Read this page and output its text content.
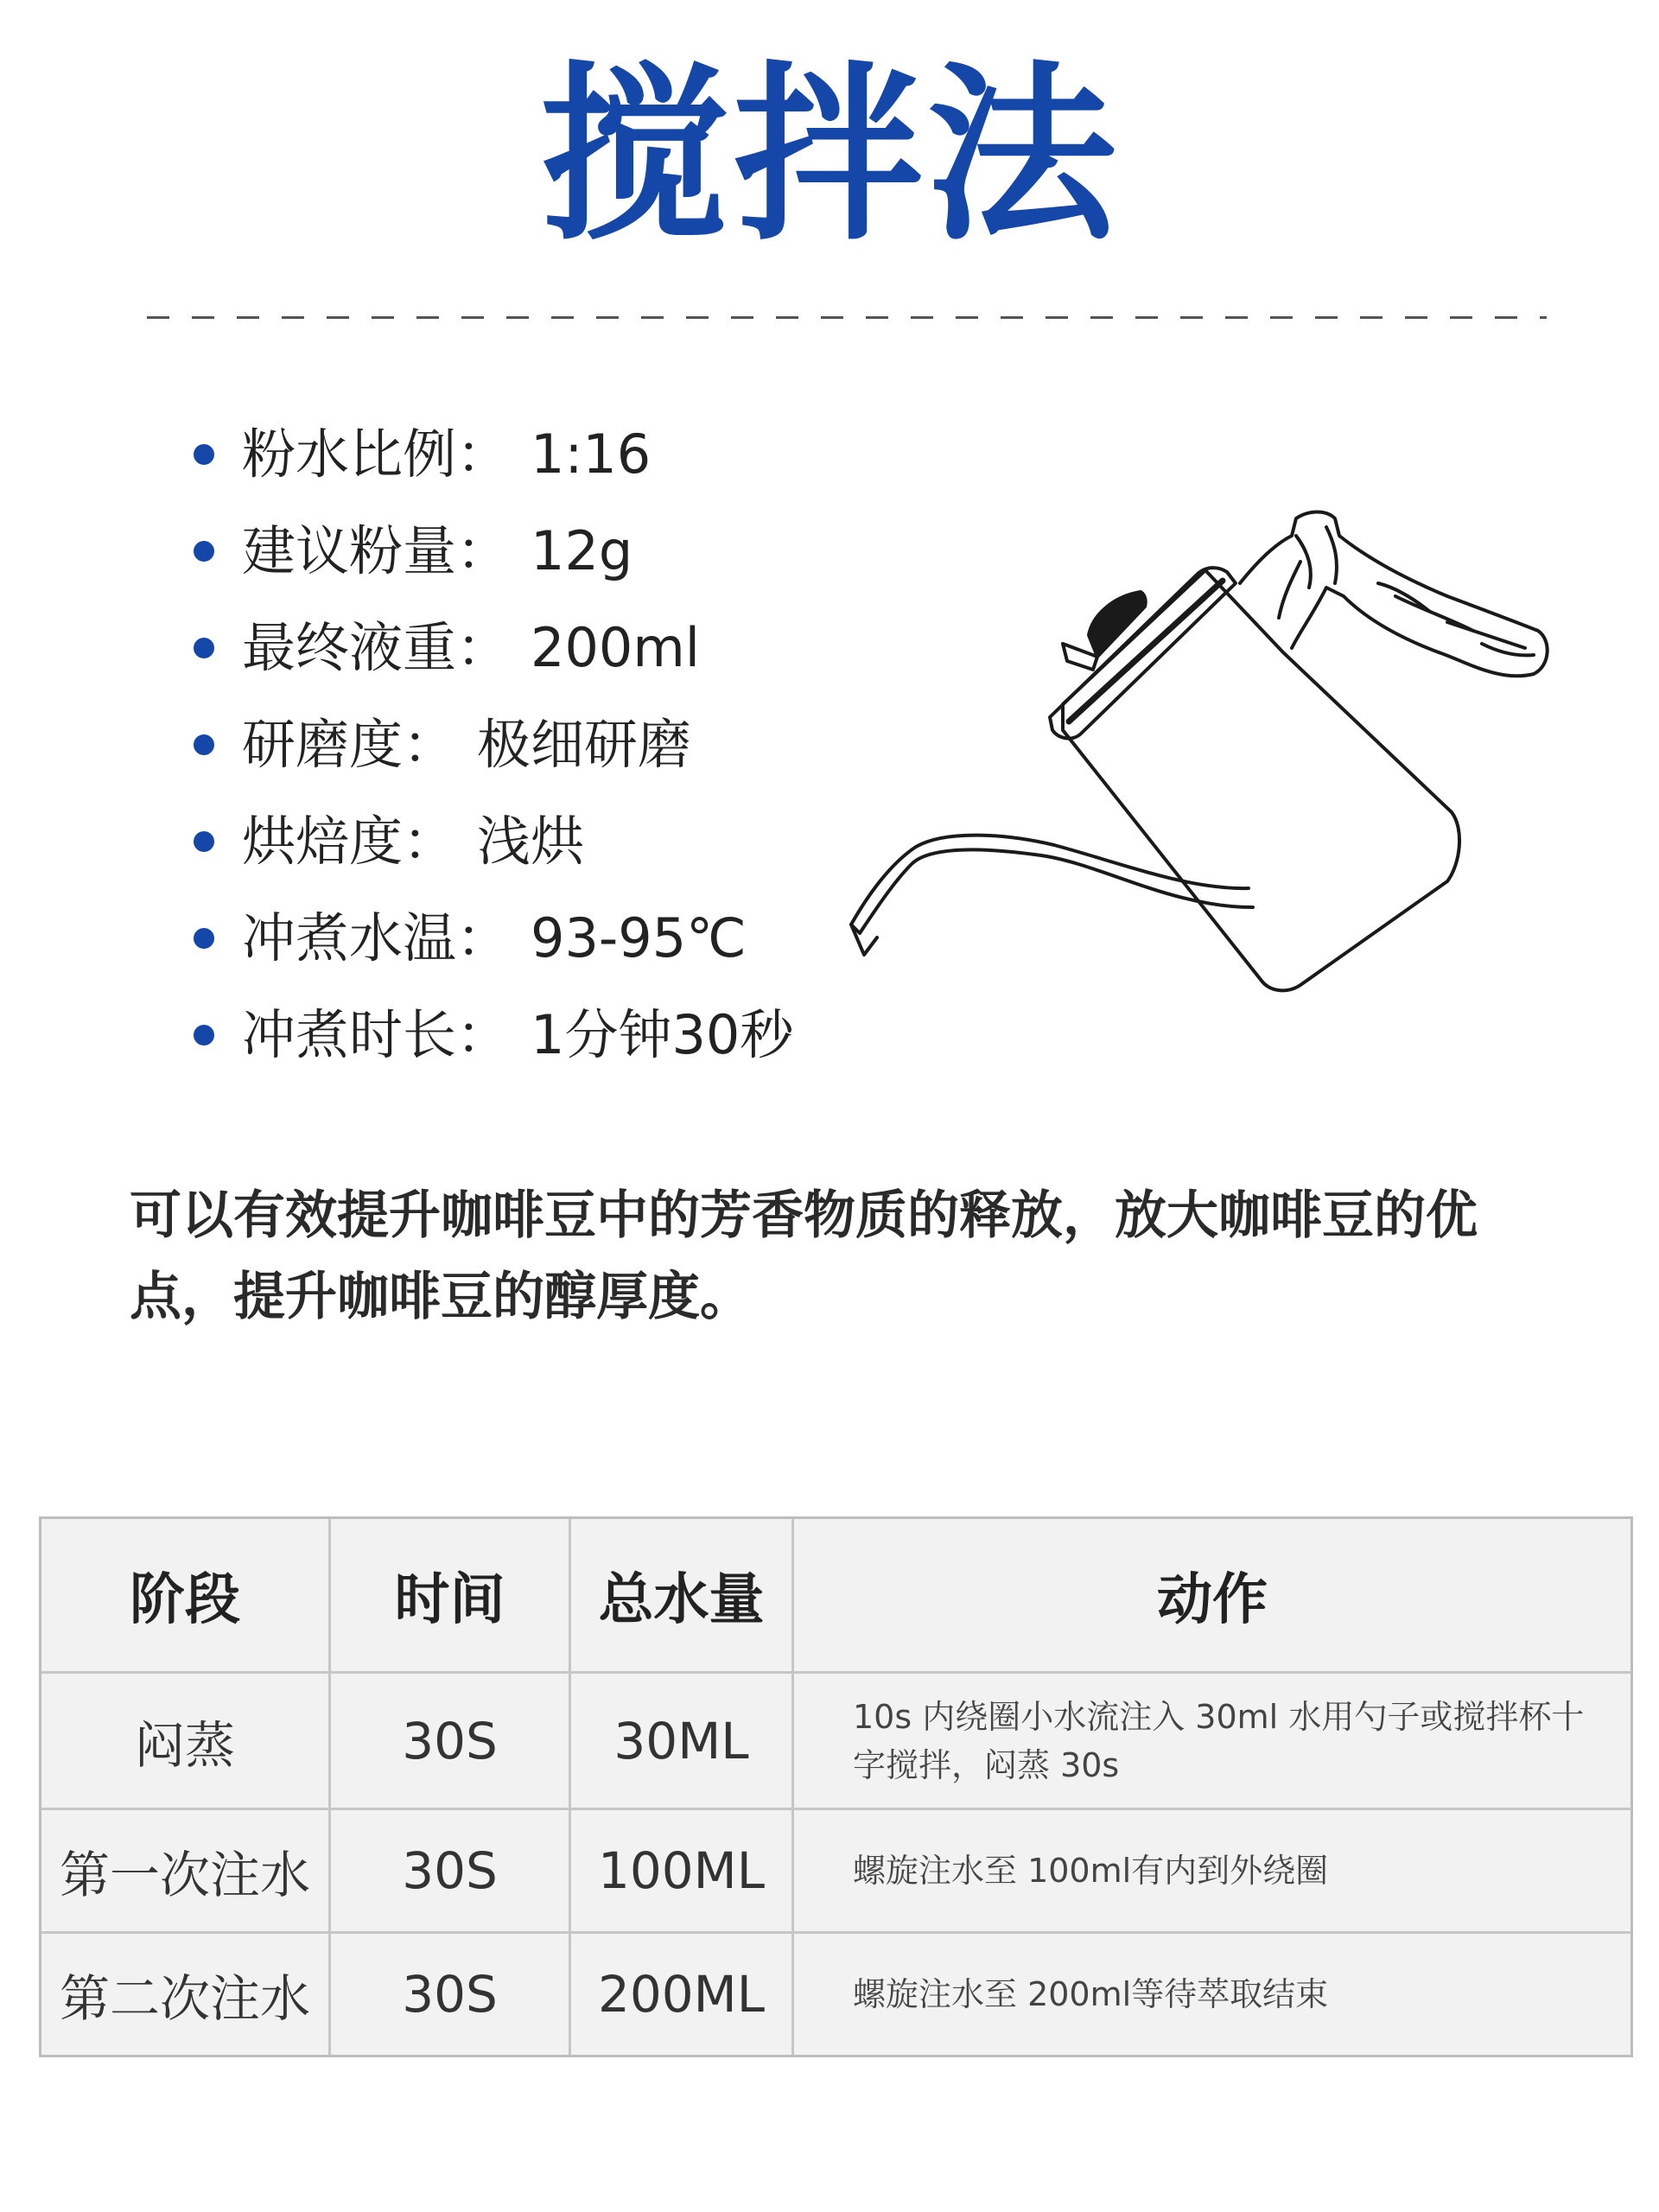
搅拌法
粉水比例： 1:16
建议粉量： 12g
最终液重： 200ml
研磨度： 极细研磨
烘焙度： 浅烘
冲煮水温： 93-95℃
冲煮时长： 1分钟30秒
可以有效提升咖啡豆中的芳香物质的释放，放大咖啡豆的优点，提升咖啡豆的醇厚度。
阶段	时间	总水量	动作
闷蒸	30S	30ML	10s 内绕圈小水流注入 30ml 水用勺子或搅拌杯十字搅拌，闷蒸 30s
第一次注水	30S	100ML	螺旋注水至 100ml有内到外绕圈
第二次注水	30S	200ML	螺旋注水至 200ml等待萃取结束
